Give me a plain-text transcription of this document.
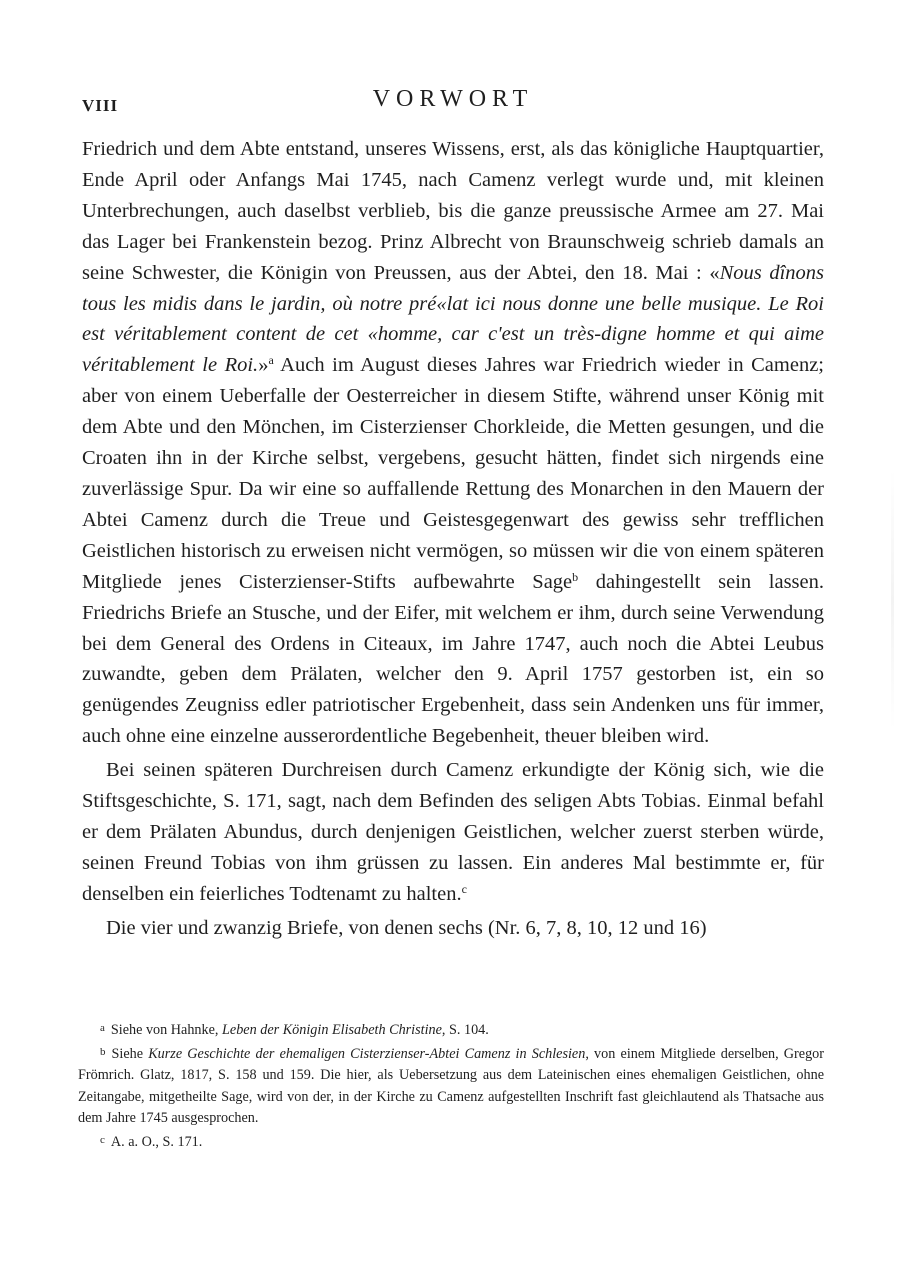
VIII	VORWORT

Friedrich und dem Abte entstand, unseres Wissens, erst, als das königliche Hauptquartier, Ende April oder Anfangs Mai 1745, nach Camenz verlegt wurde und, mit kleinen Unterbrechungen, auch daselbst verblieb, bis die ganze preussische Armee am 27. Mai das Lager bei Frankenstein bezog. Prinz Albrecht von Braunschweig schrieb damals an seine Schwester, die Königin von Preussen, aus der Abtei, den 18. Mai : «Nous dînons tous les midis dans le jardin, où notre pré«lat ici nous donne une belle musique. Le Roi est véritablement content de cet «homme, car c'est un très-digne homme et qui aime véritablement le Roi.»$^a$ Auch im August dieses Jahres war Friedrich wieder in Camenz; aber von einem Ueberfalle der Oesterreicher in diesem Stifte, während unser König mit dem Abte und den Mönchen, im Cisterzienser Chorkleide, die Metten gesungen, und die Croaten ihn in der Kirche selbst, vergebens, gesucht hätten, findet sich nirgends eine zuverlässige Spur. Da wir eine so auffallende Rettung des Monarchen in den Mauern der Abtei Camenz durch die Treue und Geistesgegenwart des gewiss sehr trefflichen Geistlichen historisch zu erweisen nicht vermögen, so müssen wir die von einem späteren Mitgliede jenes Cisterzienser-Stifts aufbewahrte Sage$^b$ dahingestellt sein lassen. Friedrichs Briefe an Stusche, und der Eifer, mit welchem er ihm, durch seine Verwendung bei dem General des Ordens in Citeaux, im Jahre 1747, auch noch die Abtei Leubus zuwandte, geben dem Prälaten, welcher den 9. April 1757 gestorben ist, ein so genügendes Zeugniss edler patriotischer Ergebenheit, dass sein Andenken uns für immer, auch ohne eine einzelne ausserordentliche Begebenheit, theuer bleiben wird.

Bei seinen späteren Durchreisen durch Camenz erkundigte der König sich, wie die Stiftsgeschichte, S. 171, sagt, nach dem Befinden des seligen Abts Tobias. Einmal befahl er dem Prälaten Abundus, durch denjenigen Geistlichen, welcher zuerst sterben würde, seinen Freund Tobias von ihm grüssen zu lassen. Ein anderes Mal bestimmte er, für denselben ein feierliches Todtenamt zu halten.$^c$

Die vier und zwanzig Briefe, von denen sechs (Nr. 6, 7, 8, 10, 12 und 16)

$^a$ Siehe von Hahnke, Leben der Königin Elisabeth Christine, S. 104.

$^b$ Siehe Kurze Geschichte der ehemaligen Cisterzienser-Abtei Camenz in Schlesien, von einem Mitgliede derselben, Gregor Frömrich. Glatz, 1817, S. 158 und 159. Die hier, als Uebersetzung aus dem Lateinischen eines ehemaligen Geistlichen, ohne Zeitangabe, mitgetheilte Sage, wird von der, in der Kirche zu Camenz aufgestellten Inschrift fast gleichlautend als Thatsache aus dem Jahre 1745 ausgesprochen.

$^c$ A. a. O., S. 171.
